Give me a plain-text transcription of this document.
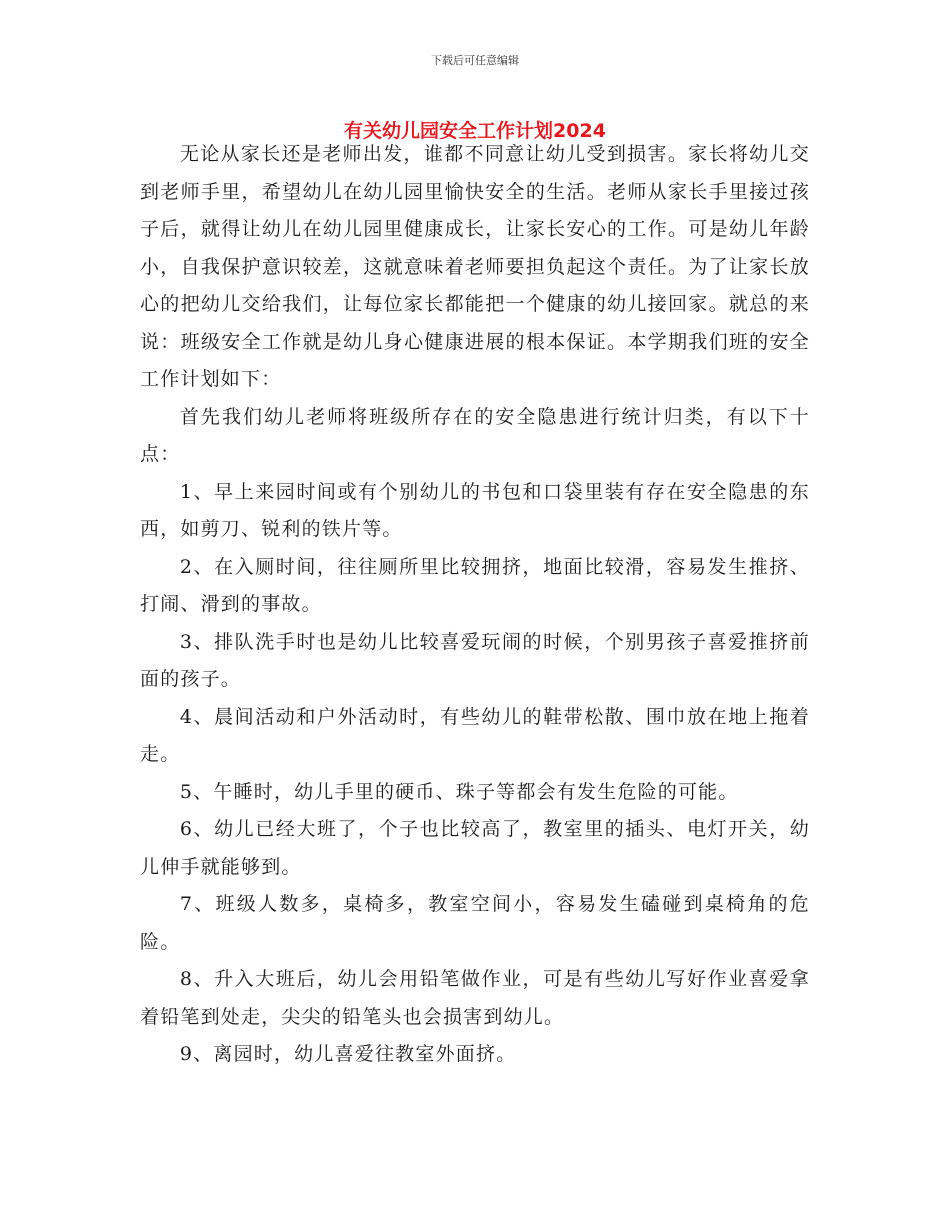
下载后可任意编辑
有关幼儿园安全工作计划2024

无论从家长还是老师出发，谁都不同意让幼儿受到损害。家长将幼儿交到老师手里，希望幼儿在幼儿园里愉快安全的生活。老师从家长手里接过孩子后，就得让幼儿在幼儿园里健康成长，让家长安心的工作。可是幼儿年龄小，自我保护意识较差，这就意味着老师要担负起这个责任。为了让家长放心的把幼儿交给我们，让每位家长都能把一个健康的幼儿接回家。就总的来说：班级安全工作就是幼儿身心健康进展的根本保证。本学期我们班的安全工作计划如下：

首先我们幼儿老师将班级所存在的安全隐患进行统计归类，有以下十点：

1、早上来园时间或有个别幼儿的书包和口袋里装有存在安全隐患的东西，如剪刀、锐利的铁片等。

2、在入厕时间，往往厕所里比较拥挤，地面比较滑，容易发生推挤、打闹、滑到的事故。

3、排队洗手时也是幼儿比较喜爱玩闹的时候，个别男孩子喜爱推挤前面的孩子。

4、晨间活动和户外活动时，有些幼儿的鞋带松散、围巾放在地上拖着走。

5、午睡时，幼儿手里的硬币、珠子等都会有发生危险的可能。

6、幼儿已经大班了，个子也比较高了，教室里的插头、电灯开关，幼儿伸手就能够到。

7、班级人数多，桌椅多，教室空间小，容易发生磕碰到桌椅角的危险。

8、升入大班后，幼儿会用铅笔做作业，可是有些幼儿写好作业喜爱拿着铅笔到处走，尖尖的铅笔头也会损害到幼儿。

9、离园时，幼儿喜爱往教室外面挤。
